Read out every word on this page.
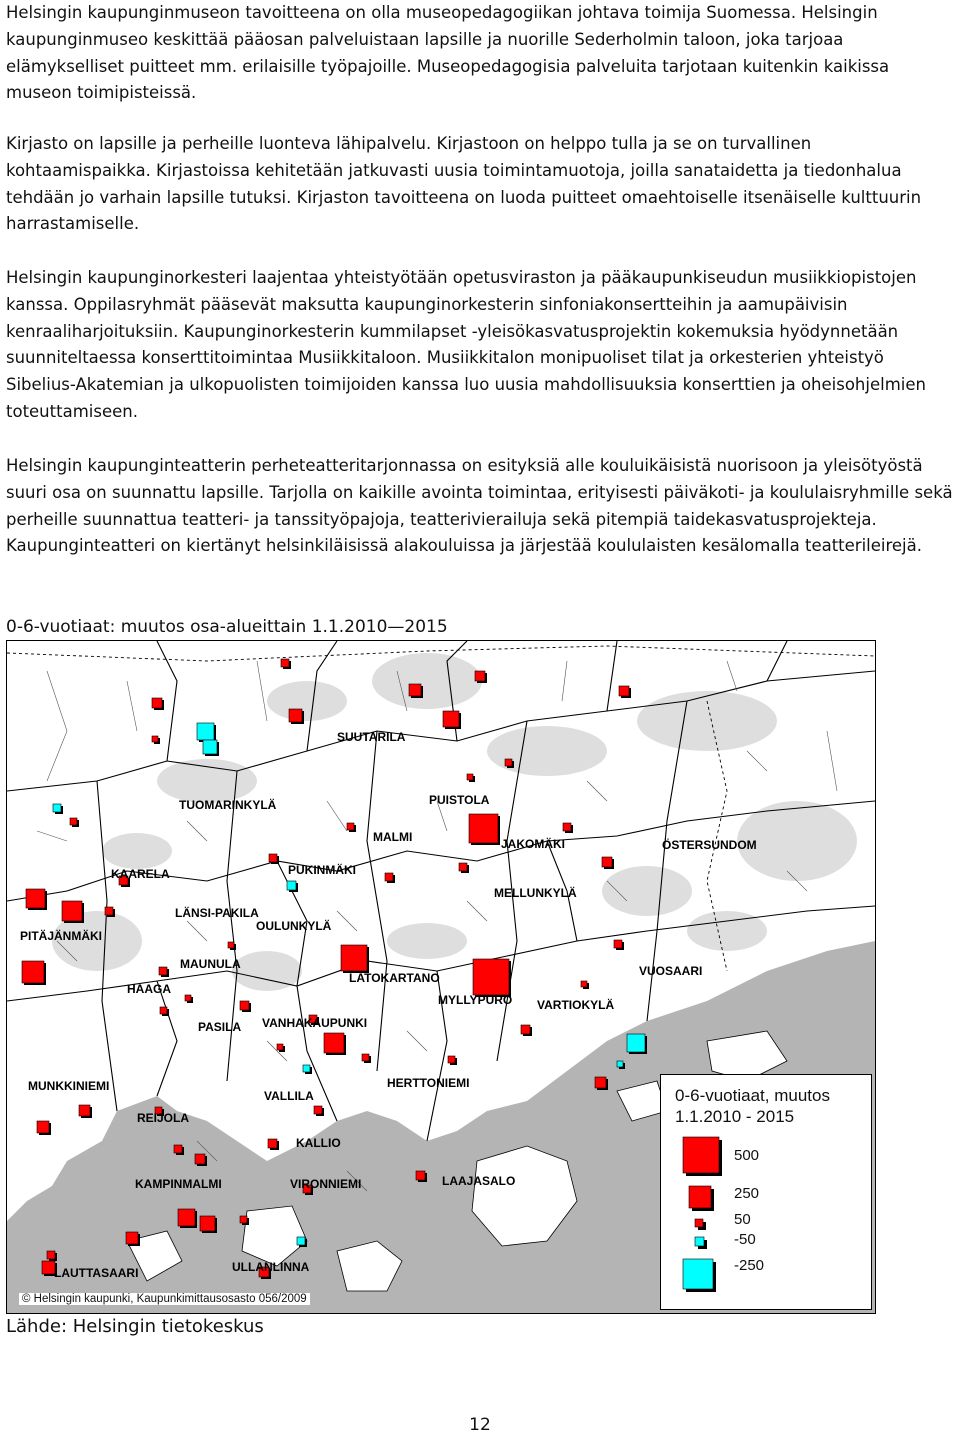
Helsingin kaupunginmuseon tavoitteena on olla museopedagogiikan johtava toimija Suomessa. Helsingin kaupunginmuseo keskittää pääosan palveluistaan lapsille ja nuorille Sederholmin taloon, joka tarjoaa elämykselliset puitteet mm. erilaisille työpajoille. Museopedagogisia palveluita tarjotaan kuitenkin kaikissa museon toimipisteissä.

Kirjasto on lapsille ja perheille luonteva lähipalvelu. Kirjastoon on helppo tulla ja se on turvallinen kohtaamispaikka. Kirjastoissa kehitetään jatkuvasti uusia toimintamuotoja, joilla sanataidetta ja tiedonhalua tehdään jo varhain lapsille tutuksi. Kirjaston tavoitteena on luoda puitteet omaehtoiselle itsenäiselle kulttuurin harrastamiselle.

Helsingin kaupunginorkesteri laajentaa yhteistyötään opetusviraston ja pääkaupunkiseudun musiikkiopistojen kanssa. Oppilasryhmät pääsevät maksutta kaupunginorkesterin sinfoniakonsertteihin ja aamupäivisin kenraaliharjoituksiin. Kaupunginorkesterin kummilapset -yleisökasvatusprojektin kokemuksia hyödynnetään suunniteltaessa konserttitoimintaa Musiikkitaloon. Musiikkitalon monipuoliset tilat ja orkesterien yhteistyö Sibelius-Akatemian ja ulkopuolisten toimijoiden kanssa luo uusia mahdollisuuksia konserttien ja oheisohjelmien toteuttamiseen.

Helsingin kaupunginteatterin perheteatteritarjonnassa on esityksiä alle kouluikäisistä nuorisoon ja yleisötyöstä suuri osa on suunnattu lapsille. Tarjolla on kaikille avointa toimintaa, erityisesti päiväkoti- ja koululaisryhmille sekä perheille suunnattua teatteri- ja tanssityöpajoja, teatterivierailuja sekä pitempiä taidekasvatusprojekteja. Kaupunginteatteri on kiertänyt helsinkiläisissä alakouluissa ja järjestää koululaisten kesälomalla teatterileirejä.

0-6-vuotiaat: muutos osa-alueittain 1.1.2010—2015
SUUTARILA
TUOMARINKYLÄ	PUISTOLA
MALMI	JAKOMÄKI	ÖSTERSUNDOM
KAARELA	PUKINMÄKI
MELLUNKYLÄ
LÄNSI-PAKILA
OULUNKYLÄ
PITÄJÄNMÄKI
MAUNULA
LATOKARTANO	VUOSAARI
HAAGA
MYLLYPURO VARTIOKYLÄ
PASILA VANHAKAUPUNKI
MUNKKINIEMI
VALLILA
HERTTONIEMI
REIJOLA
KALLIO
KAMPINMALMI	VIRONNIEMI	LAAJASALO
LAUTTASAARI	ULLANLINNA
0-6-vuotiaat, muutos
1.1.2010 - 2015
500
250
50
-50
-250
© Helsingin kaupunki, Kaupunkimittausosasto 056/2009
Lähde: Helsingin tietokeskus
12
